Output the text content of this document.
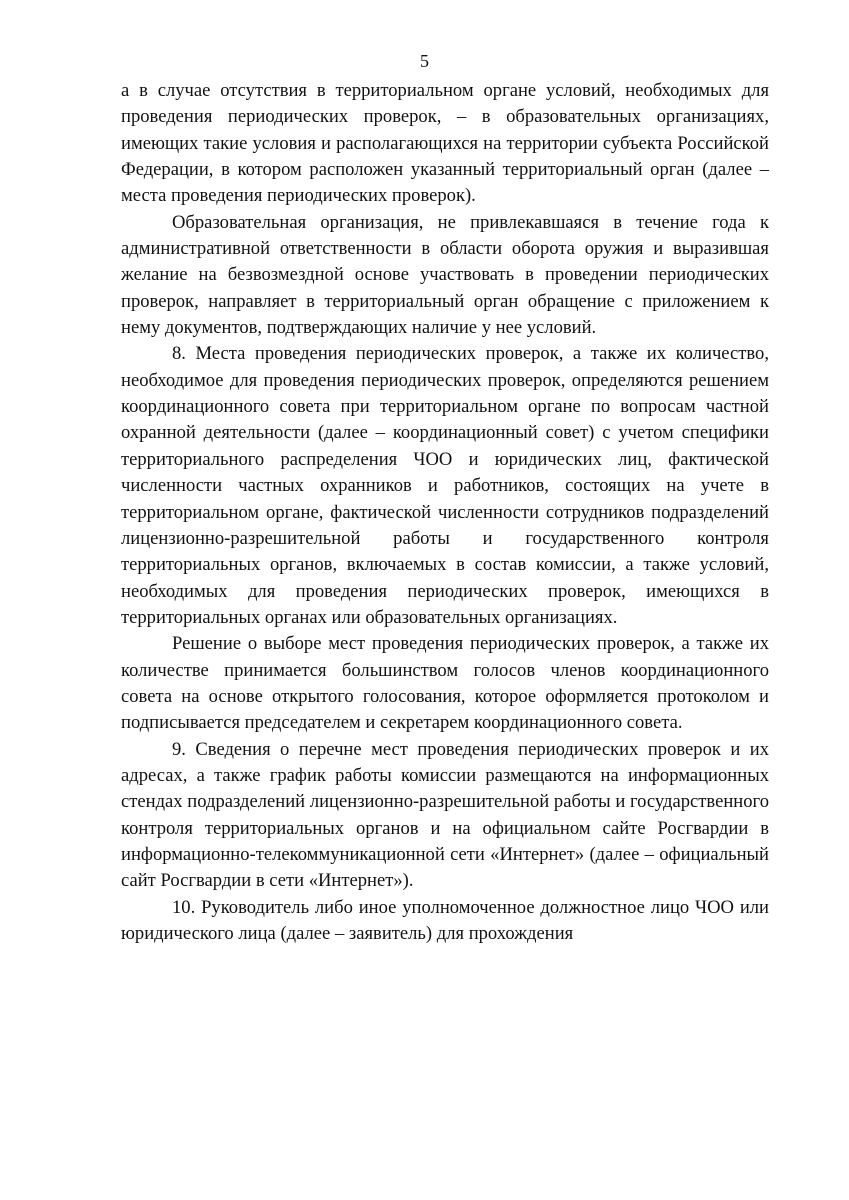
5

а в случае отсутствия в территориальном органе условий, необходимых для проведения периодических проверок, – в образовательных организациях, имеющих такие условия и располагающихся на территории субъекта Российской Федерации, в котором расположен указанный территориальный орган (далее – места проведения периодических проверок).

Образовательная организация, не привлекавшаяся в течение года к административной ответственности в области оборота оружия и выразившая желание на безвозмездной основе участвовать в проведении периодических проверок, направляет в территориальный орган обращение с приложением к нему документов, подтверждающих наличие у нее условий.

8. Места проведения периодических проверок, а также их количество, необходимое для проведения периодических проверок, определяются решением координационного совета при территориальном органе по вопросам частной охранной деятельности (далее – координационный совет) с учетом специфики территориального распределения ЧОО и юридических лиц, фактической численности частных охранников и работников, состоящих на учете в территориальном органе, фактической численности сотрудников подразделений лицензионно-разрешительной работы и государственного контроля территориальных органов, включаемых в состав комиссии, а также условий, необходимых для проведения периодических проверок, имеющихся в территориальных органах или образовательных организациях.

Решение о выборе мест проведения периодических проверок, а также их количестве принимается большинством голосов членов координационного совета на основе открытого голосования, которое оформляется протоколом и подписывается председателем и секретарем координационного совета.

9. Сведения о перечне мест проведения периодических проверок и их адресах, а также график работы комиссии размещаются на информационных стендах подразделений лицензионно-разрешительной работы и государственного контроля территориальных органов и на официальном сайте Росгвардии в информационно-телекоммуникационной сети «Интернет» (далее – официальный сайт Росгвардии в сети «Интернет»).

10. Руководитель либо иное уполномоченное должностное лицо ЧОО или юридического лица (далее – заявитель) для прохождения
